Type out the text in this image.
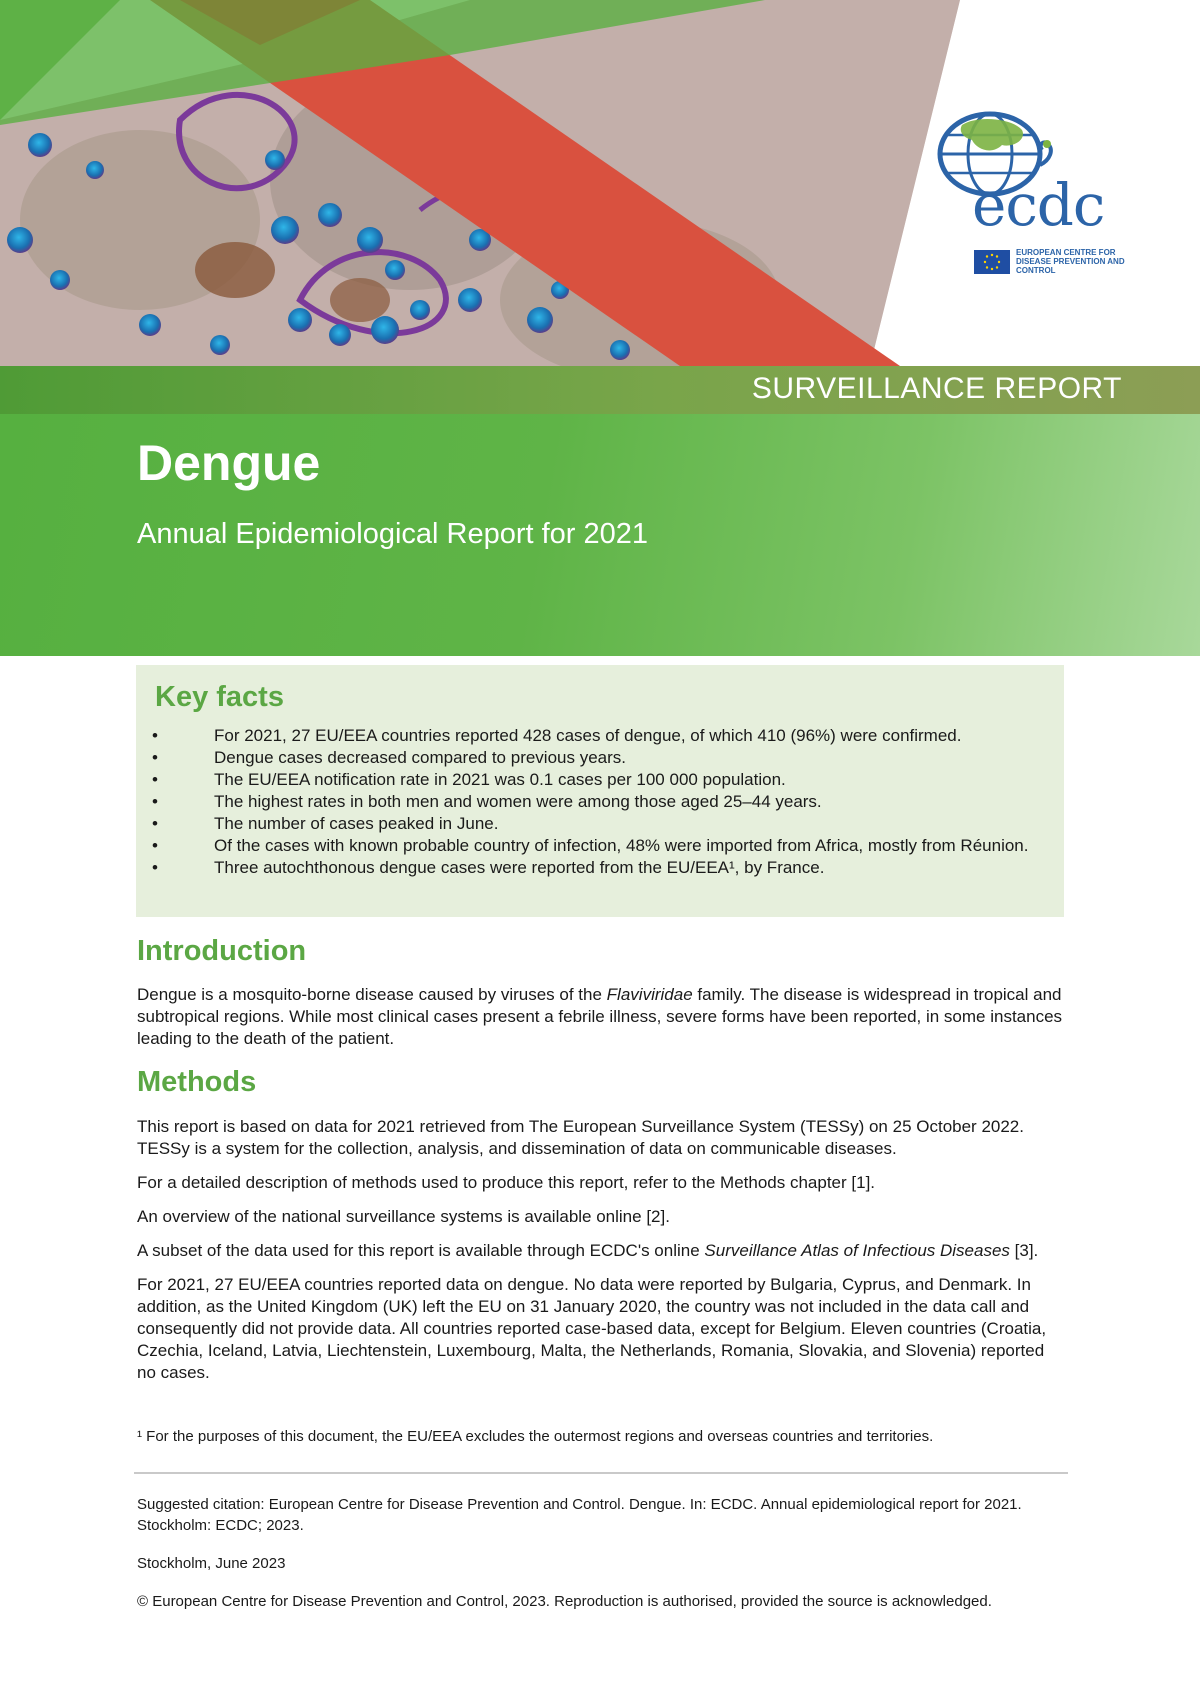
ecdc
EUROPEAN CENTRE FOR DISEASE PREVENTION AND CONTROL
SURVEILLANCE REPORT
Dengue
Annual Epidemiological Report for 2021
Key facts
•	For 2021, 27 EU/EEA countries reported 428 cases of dengue, of which 410 (96%) were confirmed.
•	Dengue cases decreased compared to previous years.
•	The EU/EEA notification rate in 2021 was 0.1 cases per 100 000 population.
•	The highest rates in both men and women were among those aged 25–44 years.
•	The number of cases peaked in June.
•	Of the cases with known probable country of infection, 48% were imported from Africa, mostly from Réunion.
•	Three autochthonous dengue cases were reported from the EU/EEA¹, by France.
Introduction

Dengue is a mosquito-borne disease caused by viruses of the Flaviviridae family. The disease is widespread in tropical and subtropical regions. While most clinical cases present a febrile illness, severe forms have been reported, in some instances leading to the death of the patient.

Methods

This report is based on data for 2021 retrieved from The European Surveillance System (TESSy) on 25 October 2022. TESSy is a system for the collection, analysis, and dissemination of data on communicable diseases.

For a detailed description of methods used to produce this report, refer to the Methods chapter [1].

An overview of the national surveillance systems is available online [2].

A subset of the data used for this report is available through ECDC's online Surveillance Atlas of Infectious Diseases [3].

For 2021, 27 EU/EEA countries reported data on dengue. No data were reported by Bulgaria, Cyprus, and Denmark. In addition, as the United Kingdom (UK) left the EU on 31 January 2020, the country was not included in the data call and consequently did not provide data. All countries reported case-based data, except for Belgium. Eleven countries (Croatia, Czechia, Iceland, Latvia, Liechtenstein, Luxembourg, Malta, the Netherlands, Romania, Slovakia, and Slovenia) reported no cases.

¹ For the purposes of this document, the EU/EEA excludes the outermost regions and overseas countries and territories.

Suggested citation: European Centre for Disease Prevention and Control. Dengue. In: ECDC. Annual epidemiological report for 2021. Stockholm: ECDC; 2023.

Stockholm, June 2023

© European Centre for Disease Prevention and Control, 2023. Reproduction is authorised, provided the source is acknowledged.
